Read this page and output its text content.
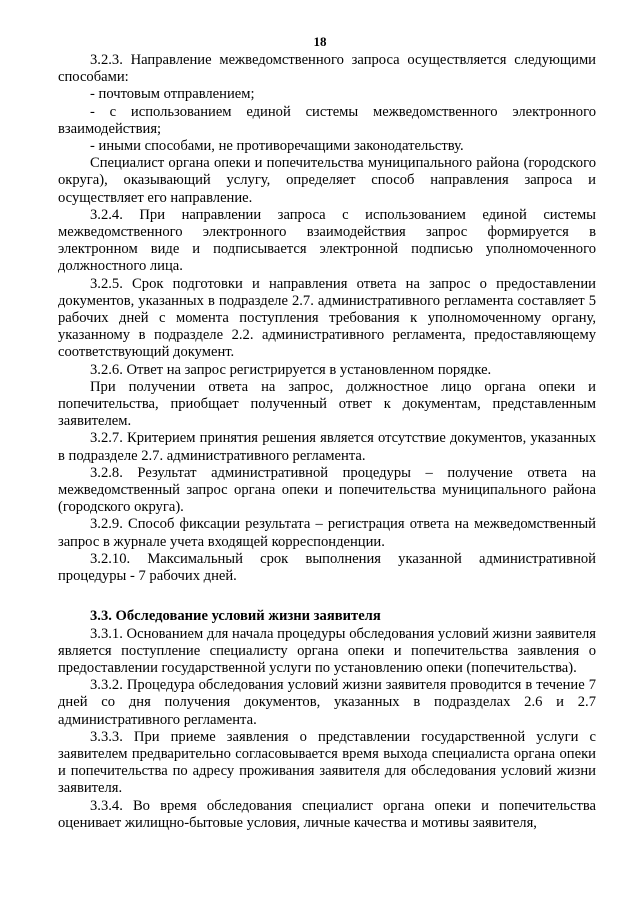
18

3.2.3. Направление межведомственного запроса осуществляется следующими способами:

- почтовым отправлением;

- с использованием единой системы межведомственного электронного взаимодействия;

- иными способами, не противоречащими законодательству.

Специалист органа опеки и попечительства муниципального района (городского округа), оказывающий услугу, определяет способ направления запроса и осуществляет его направление.

3.2.4. При направлении запроса с использованием единой системы межведомственного электронного взаимодействия запрос формируется в электронном виде и подписывается электронной подписью уполномоченного должностного лица.

3.2.5. Срок подготовки и направления ответа на запрос о предоставлении документов, указанных в подразделе 2.7. административного регламента составляет 5 рабочих дней с момента поступления требования к уполномоченному органу, указанному в подразделе 2.2. административного регламента, предоставляющему соответствующий документ.

3.2.6. Ответ на запрос регистрируется в установленном порядке.

При получении ответа на запрос, должностное лицо органа опеки и попечительства, приобщает полученный ответ к документам, представленным заявителем.

3.2.7. Критерием принятия решения является отсутствие документов, указанных в подразделе 2.7. административного регламента.

3.2.8. Результат административной процедуры – получение ответа на межведомственный запрос органа опеки и попечительства муниципального района (городского округа).

3.2.9. Способ фиксации результата – регистрация ответа на межведомственный запрос в журнале учета входящей корреспонденции.

3.2.10. Максимальный срок выполнения указанной административной процедуры - 7 рабочих дней.

3.3. Обследование условий жизни заявителя

3.3.1. Основанием для начала процедуры обследования условий жизни заявителя является поступление специалисту органа опеки и попечительства заявления о предоставлении государственной услуги по установлению опеки (попечительства).

3.3.2. Процедура обследования условий жизни заявителя проводится в течение 7 дней со дня получения документов, указанных в подразделах 2.6 и 2.7 административного регламента.

3.3.3. При приеме заявления о представлении государственной услуги с заявителем предварительно согласовывается время выхода специалиста органа опеки и попечительства по адресу проживания заявителя для обследования условий жизни заявителя.

3.3.4. Во время обследования специалист органа опеки и попечительства оценивает жилищно-бытовые условия, личные качества и мотивы заявителя,
